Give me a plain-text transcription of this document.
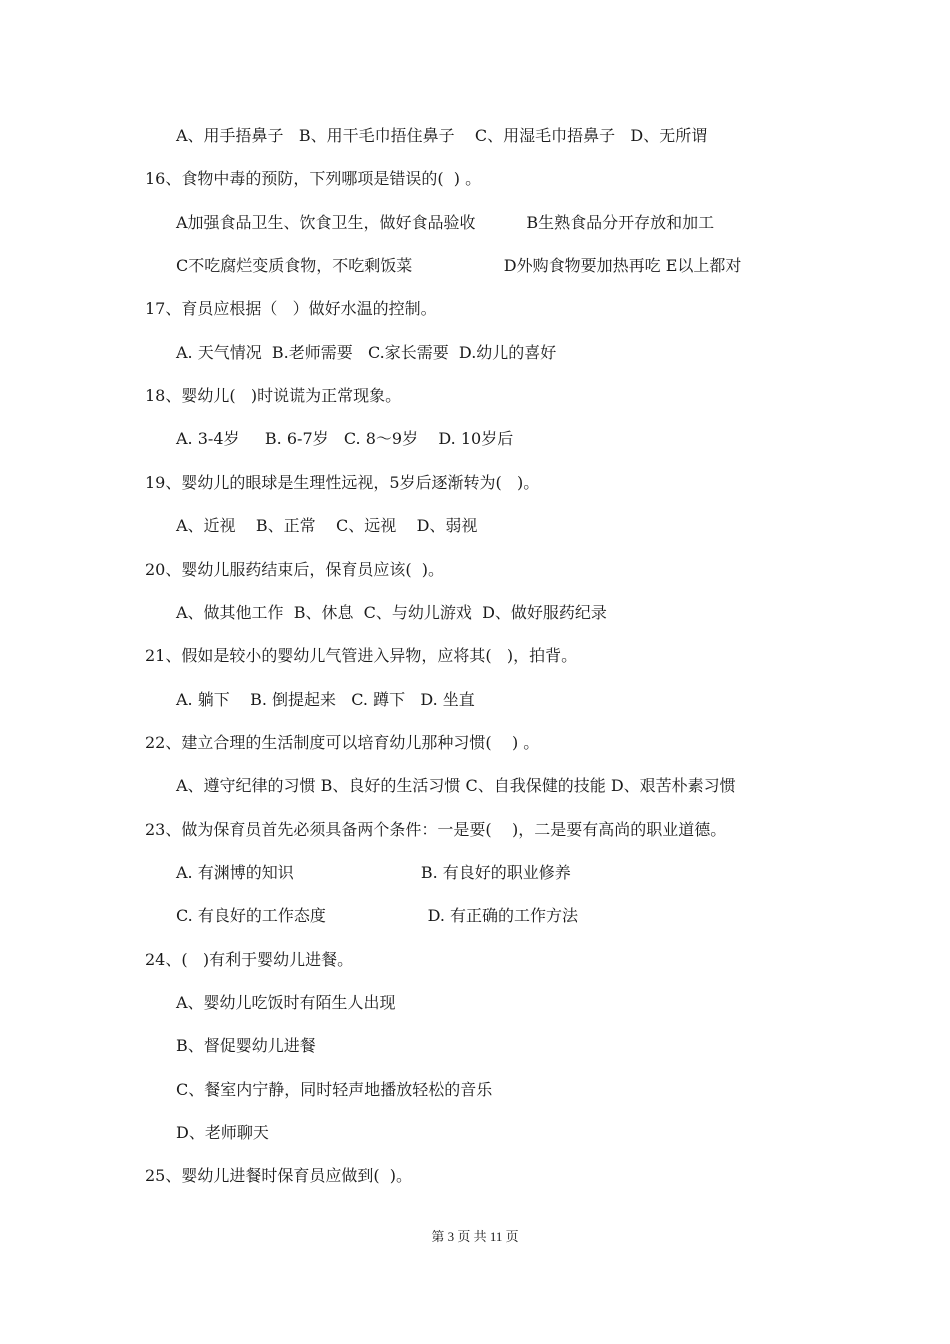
A、用手捂鼻子   B、用干毛巾捂住鼻子    C、用湿毛巾捂鼻子   D、无所谓
16、食物中毒的预防，下列哪项是错误的(  ) 。
A加强食品卫生、饮食卫生，做好食品验收          B生熟食品分开存放和加工
C不吃腐烂变质食物，不吃剩饭菜                  D外购食物要加热再吃 E以上都对
17、育员应根据（   ）做好水温的控制。
A. 天气情况  B.老师需要   C.家长需要  D.幼儿的喜好
18、婴幼儿(   )时说谎为正常现象。
A. 3-4岁     B. 6-7岁   C. 8～9岁    D. 10岁后
19、婴幼儿的眼球是生理性远视，5岁后逐渐转为(   )。
A、近视    B、正常    C、远视    D、弱视
20、婴幼儿服药结束后，保育员应该(  )。
A、做其他工作  B、休息  C、与幼儿游戏  D、做好服药纪录
21、假如是较小的婴幼儿气管进入异物，应将其(   )，拍背。
A. 躺下    B. 倒提起来   C. 蹲下   D. 坐直
22、建立合理的生活制度可以培育幼儿那种习惯(    ) 。
A、遵守纪律的习惯 B、良好的生活习惯 C、自我保健的技能 D、艰苦朴素习惯
23、做为保育员首先必须具备两个条件：一是要(    )，二是要有高尚的职业道德。
A. 有渊博的知识                         B. 有良好的职业修养
C. 有良好的工作态度                    D. 有正确的工作方法
24、(   )有利于婴幼儿进餐。
A、婴幼儿吃饭时有陌生人出现
B、督促婴幼儿进餐
C、餐室内宁静，同时轻声地播放轻松的音乐
D、老师聊天
25、婴幼儿进餐时保育员应做到(  )。
第 3 页 共 11 页
